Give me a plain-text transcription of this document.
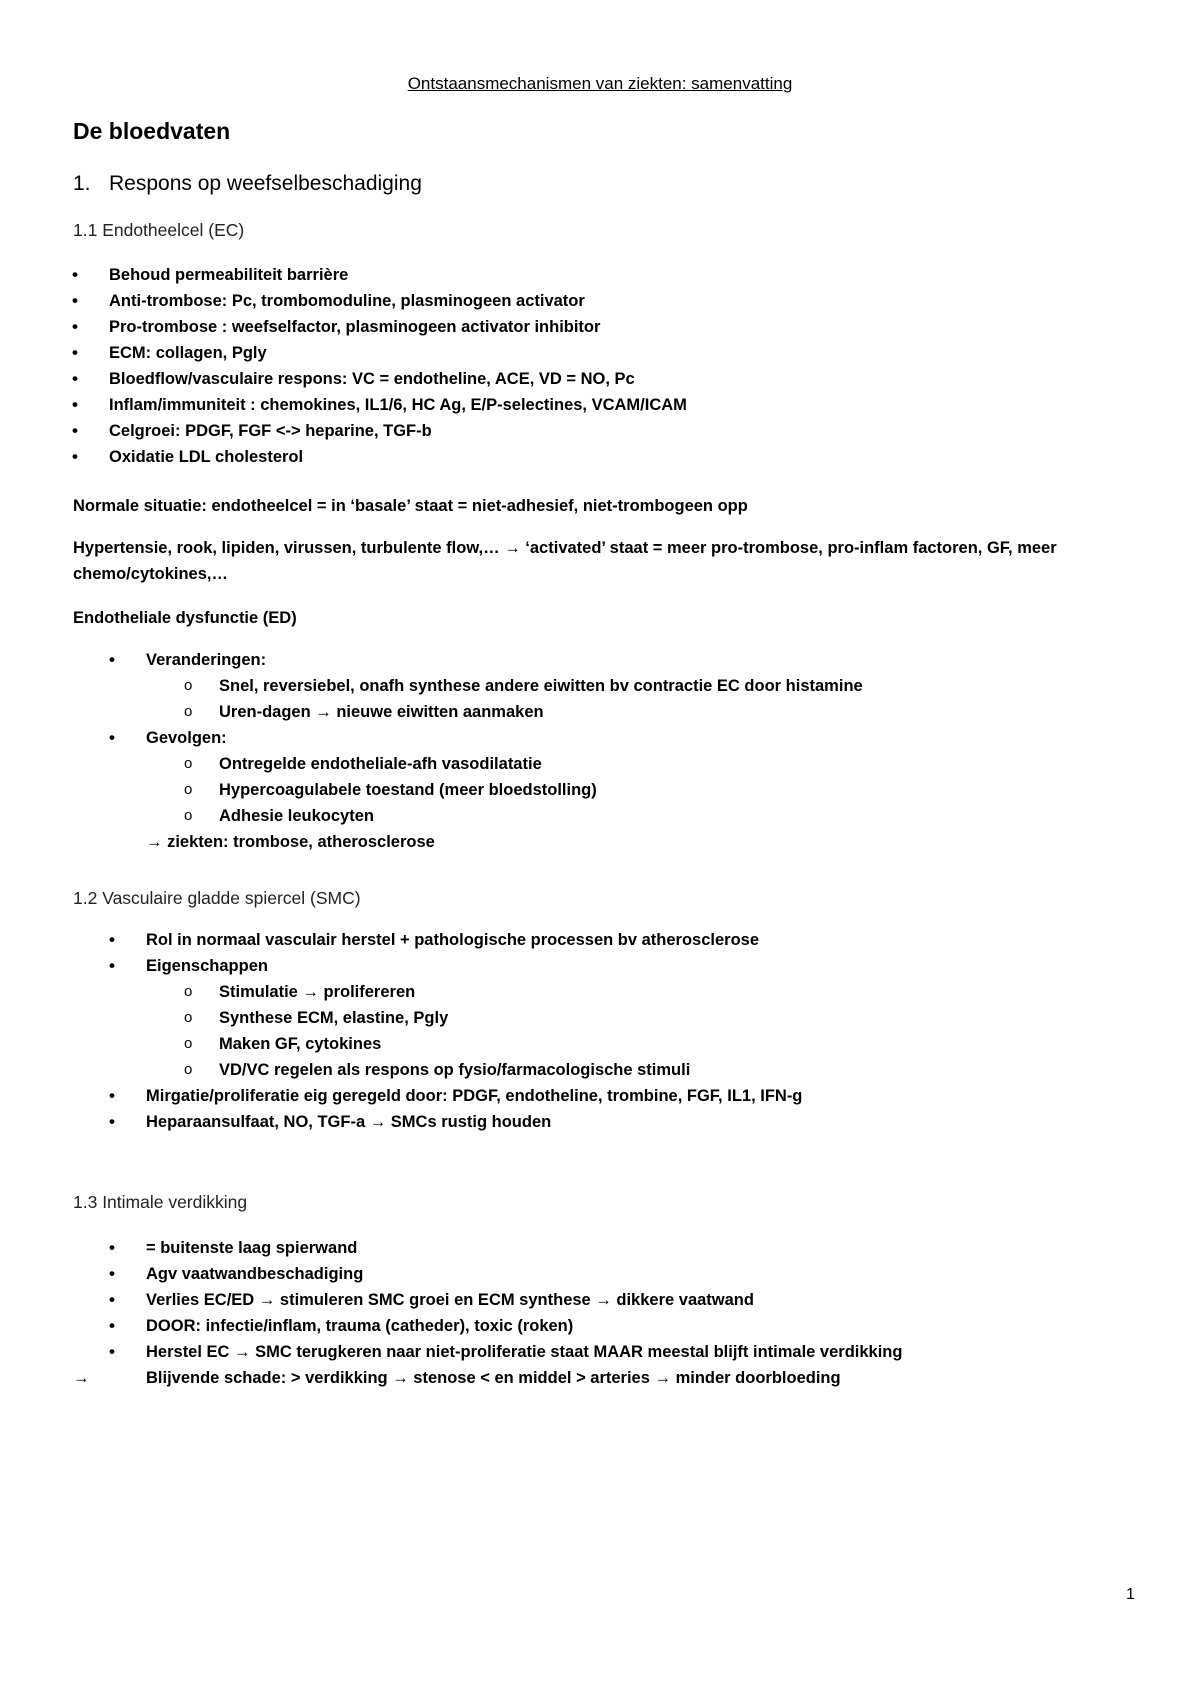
Ontstaansmechanismen van ziekten: samenvatting
De bloedvaten
1. Respons op weefselbeschadiging
1.1 Endotheelcel (EC)
• Behoud permeabiliteit barrière
• Anti-trombose: Pc, trombomoduline, plasminogeen activator
• Pro-trombose : weefselfactor, plasminogeen activator inhibitor
• ECM: collagen, Pgly
• Bloedflow/vasculaire respons: VC = endotheline, ACE, VD = NO, Pc
• Inflam/immuniteit : chemokines, IL1/6, HC Ag, E/P-selectines, VCAM/ICAM
• Celgroei: PDGF, FGF <-> heparine, TGF-b
• Oxidatie LDL cholesterol
Normale situatie: endotheelcel = in ‘basale’ staat = niet-adhesief, niet-trombogeen opp
Hypertensie, rook, lipiden, virussen, turbulente flow,… → ‘activated’ staat = meer pro-trombose, pro-inflam factoren, GF, meer chemo/cytokines,…
Endotheliale dysfunctie (ED)
• Veranderingen:
o Snel, reversiebel, onafh synthese andere eiwitten bv contractie EC door histamine
o Uren-dagen → nieuwe eiwitten aanmaken
• Gevolgen:
o Ontregelde endotheliale-afh vasodilatatie
o Hypercoagulabele toestand (meer bloedstolling)
o Adhesie leukocyten
→ ziekten: trombose, atherosclerose
1.2 Vasculaire gladde spiercel (SMC)
• Rol in normaal vasculair herstel + pathologische processen bv atherosclerose
• Eigenschappen
o Stimulatie → prolifereren
o Synthese ECM, elastine, Pgly
o Maken GF, cytokines
o VD/VC regelen als respons op fysio/farmacologische stimuli
• Mirgatie/proliferatie eig geregeld door: PDGF, endotheline, trombine, FGF, IL1, IFN-g
• Heparaansulfaat, NO, TGF-a → SMCs rustig houden
1.3 Intimale verdikking
• = buitenste laag spierwand
• Agv vaatwandbeschadiging
• Verlies EC/ED → stimuleren SMC groei en ECM synthese → dikkere vaatwand
• DOOR: infectie/inflam, trauma (catheder), toxic (roken)
• Herstel EC → SMC terugkeren naar niet-proliferatie staat MAAR meestal blijft intimale verdikking
→	Blijvende schade: > verdikking → stenose < en middel > arteries → minder doorbloeding
1
